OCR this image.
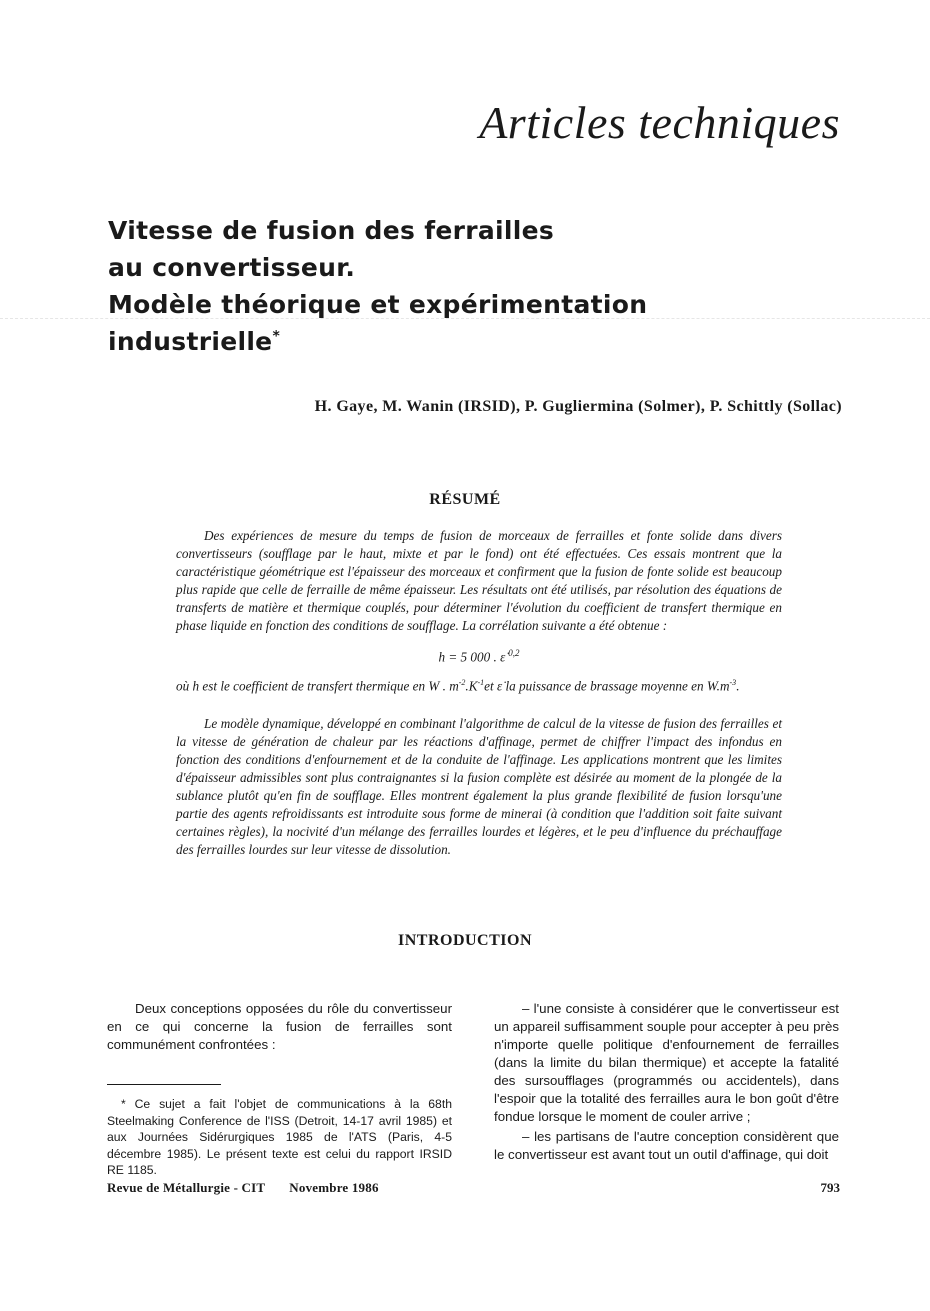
Articles techniques
Vitesse de fusion des ferrailles
au convertisseur.
Modèle théorique et expérimentation
industrielle*

H. Gaye, M. Wanin (IRSID), P. Gugliermina (Solmer), P. Schittly (Sollac)

RÉSUMÉ

Des expériences de mesure du temps de fusion de morceaux de ferrailles et fonte solide dans divers convertisseurs (soufflage par le haut, mixte et par le fond) ont été effectuées. Ces essais montrent que la caractéristique géométrique est l'épaisseur des morceaux et confirment que la fusion de fonte solide est beaucoup plus rapide que celle de ferraille de même épaisseur. Les résultats ont été utilisés, par résolution des équations de transferts de matière et thermique couplés, pour déterminer l'évolution du coefficient de transfert thermique en phase liquide en fonction des conditions de soufflage. La corrélation suivante a été obtenue :

h = 5 000 . ε̇ $^{0,2}$

où h est le coefficient de transfert thermique en W . $m^{-2}.K^{-1}et$ ε̇ la puissance de brassage moyenne en $W.m^{-3}$.

Le modèle dynamique, développé en combinant l'algorithme de calcul de la vitesse de fusion des ferrailles et la vitesse de génération de chaleur par les réactions d'affinage, permet de chiffrer l'impact des infondus en fonction des conditions d'enfournement et de la conduite de l'affinage. Les applications montrent que les limites d'épaisseur admissibles sont plus contraignantes si la fusion complète est désirée au moment de la plongée de la sublance plutôt qu'en fin de soufflage. Elles montrent également la plus grande flexibilité de fusion lorsqu'une partie des agents refroidissants est introduite sous forme de minerai (à condition que l'addition soit faite suivant certaines règles), la nocivité d'un mélange des ferrailles lourdes et légères, et le peu d'influence du préchauffage des ferrailles lourdes sur leur vitesse de dissolution.

INTRODUCTION

Deux conceptions opposées du rôle du convertisseur en ce qui concerne la fusion de ferrailles sont communément confrontées :

– l'une consiste à considérer que le convertisseur est un appareil suffisamment souple pour accepter à peu près n'importe quelle politique d'enfournement de ferrailles (dans la limite du bilan thermique) et accepte la fatalité des sursoufflages (programmés ou accidentels), dans l'espoir que la totalité des ferrailles aura le bon goût d'être fondue lorsque le moment de couler arrive ;

– les partisans de l'autre conception considèrent que le convertisseur est avant tout un outil d'affinage, qui doit

* Ce sujet a fait l'objet de communications à la 68th Steelmaking Conference de l'ISS (Detroit, 14-17 avril 1985) et aux Journées Sidérurgiques 1985 de l'ATS (Paris, 4-5 décembre 1985). Le présent texte est celui du rapport IRSID RE 1185.

Revue de Métallurgie - CIT Novembre 1986	793
